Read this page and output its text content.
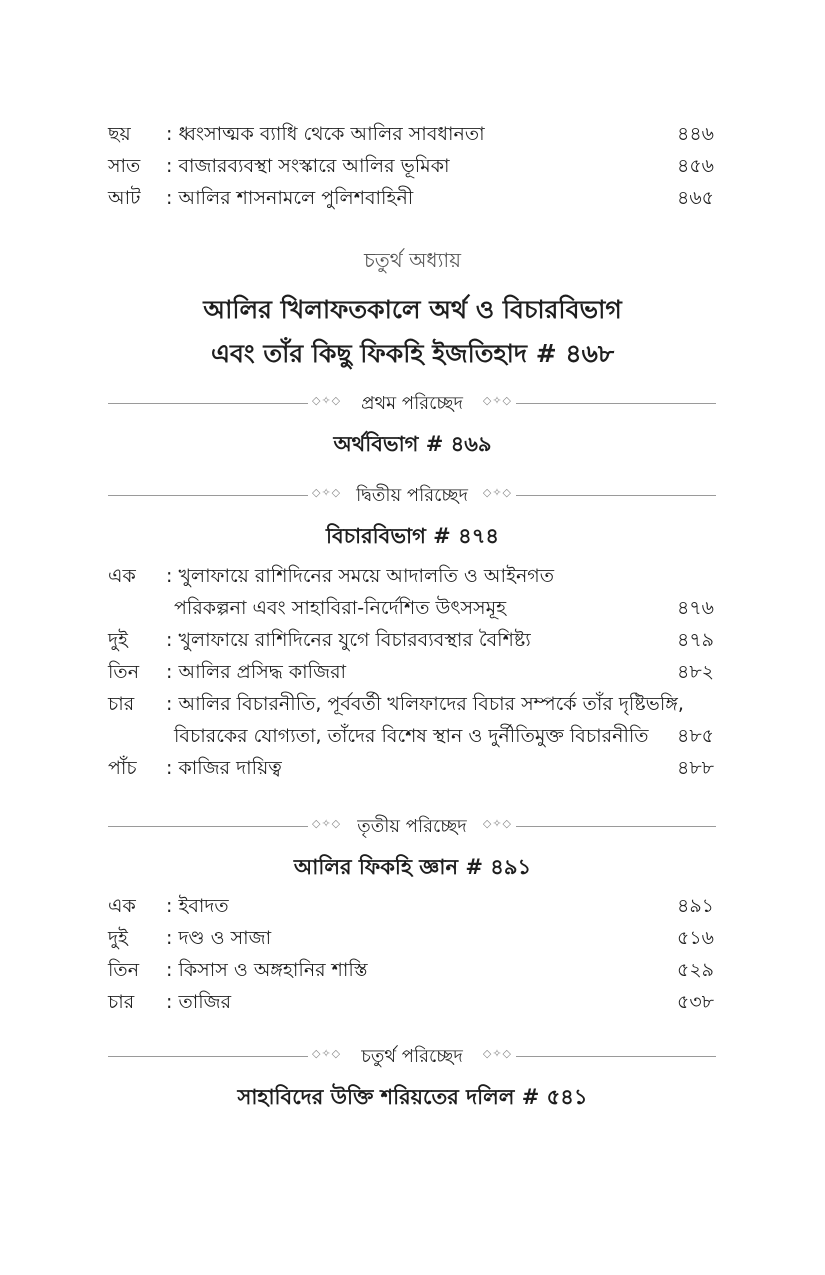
ছয় : ধ্বংসাত্মক ব্যাধি থেকে আলির সাবধানতা	৪৪৬
সাত : বাজারব্যবস্থা সংস্কারে আলির ভূমিকা	৪৫৬
আট : আলির শাসনামলে পুলিশবাহিনী	৪৬৫
চতুর্থ অধ্যায়
আলির খিলাফতকালে অর্থ ও বিচারবিভাগ
এবং তাঁর কিছু ফিকহি ইজতিহাদ # ৪৬৮
◇✧◇	প্রথম পরিচ্ছেদ	◇✧◇
অর্থবিভাগ # ৪৬৯
◇✧◇ দ্বিতীয় পরিচ্ছেদ	◇✧◇
বিচারবিভাগ # ৪৭৪
এক : খুলাফায়ে রাশিদিনের সময়ে আদালতি ও আইনগত
পরিকল্পনা এবং সাহাবিরা-নির্দেশিত উৎসসমূহ	৪৭৬
দুই : খুলাফায়ে রাশিদিনের যুগে বিচারব্যবস্থার বৈশিষ্ট্য	৪৭৯
তিন : আলির প্রসিদ্ধ কাজিরা	৪৮২
চার : আলির বিচারনীতি, পূর্ববর্তী খলিফাদের বিচার সম্পর্কে তাঁর দৃষ্টিভঙ্গি,
বিচারকের যোগ্যতা, তাঁদের বিশেষ স্থান ও দুর্নীতিমুক্ত বিচারনীতি	৪৮৫
পাঁচ : কাজির দায়িত্ব	৪৮৮
◇✧◇ তৃতীয় পরিচ্ছেদ	◇✧◇
আলির ফিকহি জ্ঞান # ৪৯১
এক : ইবাদত	৪৯১
দুই : দণ্ড ও সাজা	৫১৬
তিন : কিসাস ও অঙ্গহানির শাস্তি	৫২৯
চার : তাজির	৫৩৮
◇✧◇	চতুর্থ পরিচ্ছেদ	◇✧◇
সাহাবিদের উক্তি শরিয়তের দলিল # ৫৪১
